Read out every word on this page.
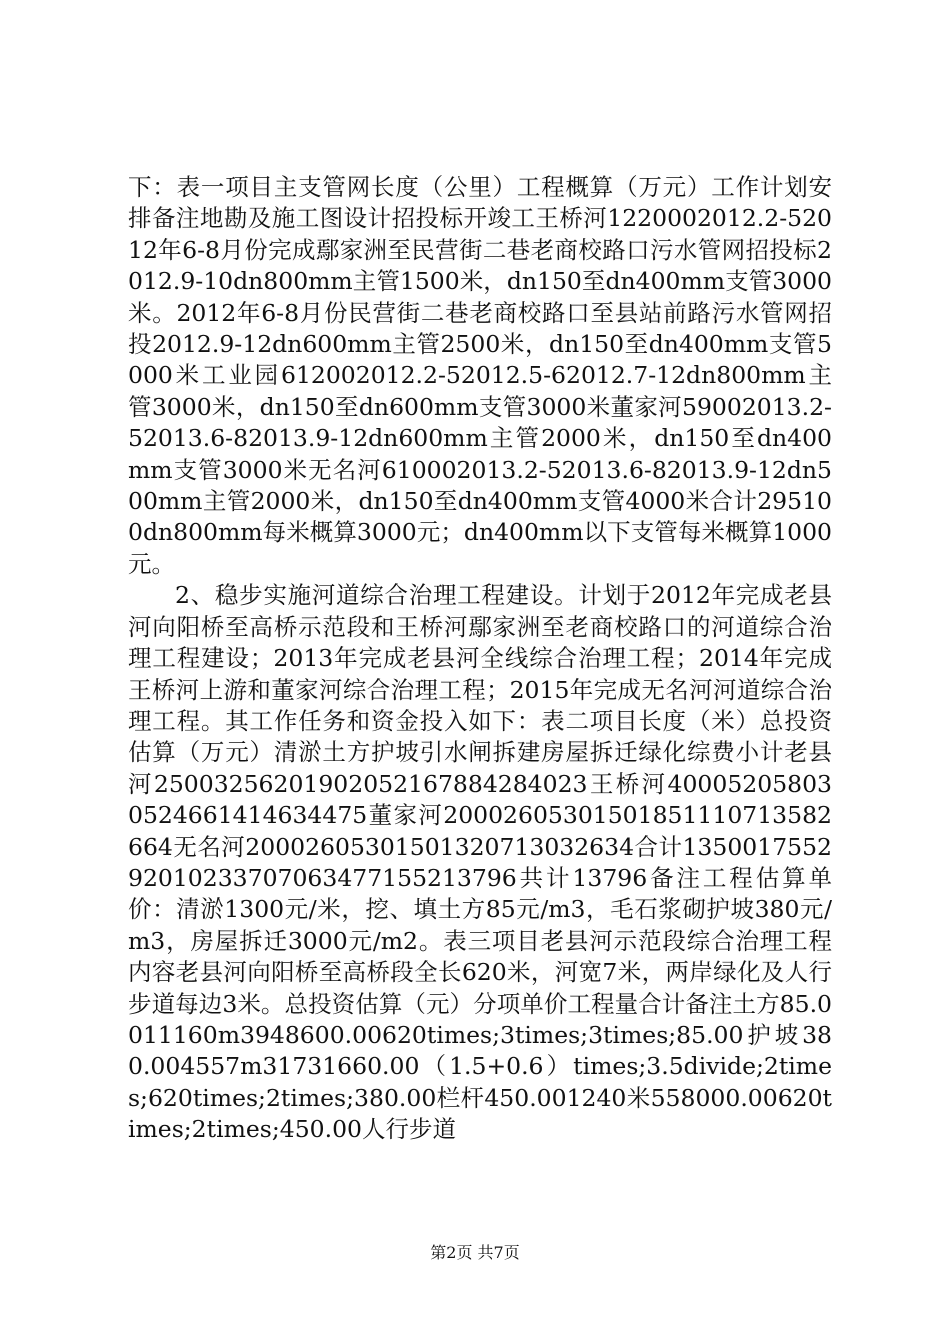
下：表一项目主支管网长度（公里）工程概算（万元）工作计划安排备注地勘及施工图设计招投标开竣工王桥河1220002012.2-52012年6-8月份完成鄢家洲至民营街二巷老商校路口污水管网招投标2012.9-10dn800mm主管1500米，dn150至dn400mm支管3000米。2012年6-8月份民营街二巷老商校路口至县站前路污水管网招投2012.9-12dn600mm主管2500米，dn150至dn400mm支管5000米工业园612002012.2-52012.5-62012.7-12dn800mm主管3000米，dn150至dn600mm支管3000米董家河59002013.2-52013.6-82013.9-12dn600mm主管2000米，dn150至dn400mm支管3000米无名河610002013.2-52013.6-82013.9-12dn500mm主管2000米，dn150至dn400mm支管4000米合计295100dn800mm每米概算3000元；dn400mm以下支管每米概算1000元。

2、稳步实施河道综合治理工程建设。计划于2012年完成老县河向阳桥至高桥示范段和王桥河鄢家洲至老商校路口的河道综合治理工程建设；2013年完成老县河全线综合治理工程；2014年完成王桥河上游和董家河综合治理工程；2015年完成无名河河道综合治理工程。其工作任务和资金投入如下：表二项目长度（米）总投资估算（万元）清淤土方护坡引水闸拆建房屋拆迁绿化综费小计老县河2500325620190205216788428402​3王桥河40005205803052466141463447​5董家河20002605301501851110713582664无名河20002605301501320713032634合计135001755292010233707063477155213796共计13796备注工程估算单价：清淤1300元/米，挖、填土方85元/m3，毛石浆砌护坡380元/m3，房屋拆迁3000元/m2。表三项目老县河示范段综合治理工程内容老县河向阳桥至高桥段全长620米，河宽7米，两岸绿化及人行步道每边3米。总投资估算（元）分项单价工程量合计备注土方85.0011160m3948600.00620times;3times;3times;85.00护坡380.004557m31731660.00（1.5+0.6）times;3.5divide;2times;620times;2times;380.00栏杆450.001240米558000.00620times;2times;450.00人行步道

第2页 共7页
